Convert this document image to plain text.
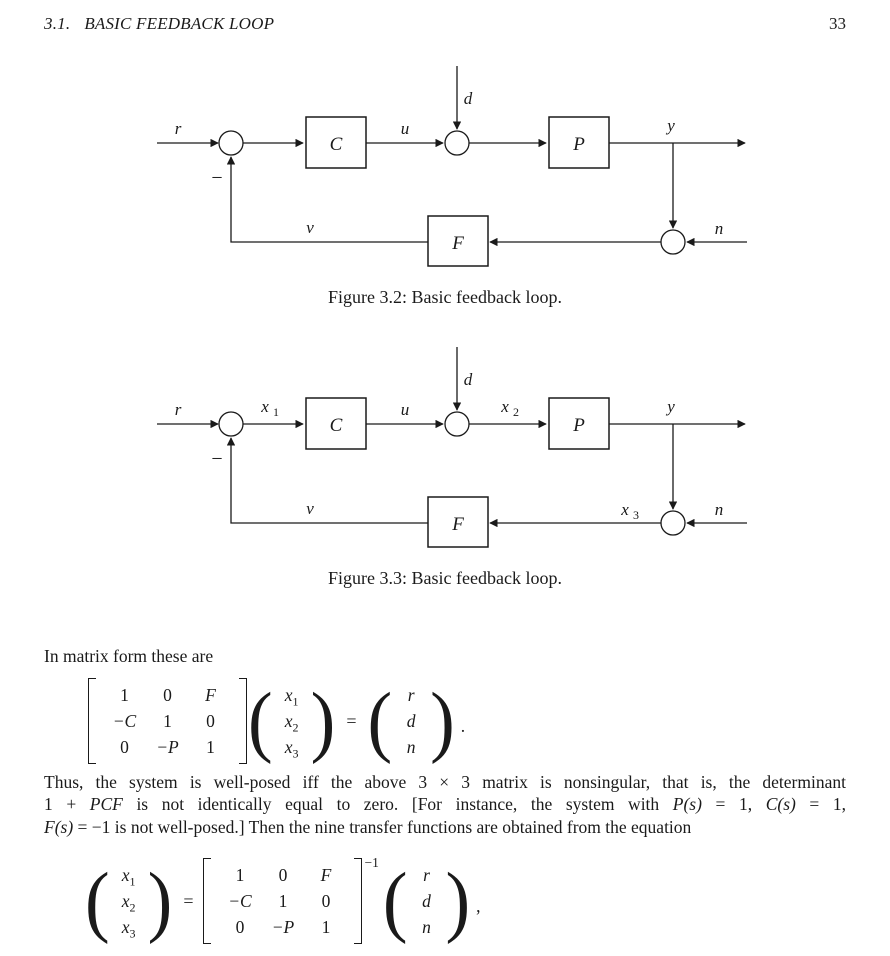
3.1. BASIC FEEDBACK LOOP	33
C	P
F
r	u
d
y
n
v
−
Figure 3.2: Basic feedback loop.
C	P
F
r	x 1	u
d
x 2	y
x 3	n
v
−
Figure 3.3: Basic feedback loop.
In matrix form these are
1	0	F
−C	1	0
0	−P	1 ( $x_1$
$x_2$
$x_3$ ) = ( r
d
n ) .
Thus, the system is well-posed iff the above 3 × 3 matrix is nonsingular, that is, the determinant
1 + PCF is not identically equal to zero. [For instance, the system with P(s) = 1, C(s) = 1,
F(s) = −1 is not well-posed.] Then the nine transfer functions are obtained from the equation
( $x_1$
$x_2$
$x_3$ ) =
1	0	F
−C	1	0
0	−P	1
−1 ( r
d
n ) ,
